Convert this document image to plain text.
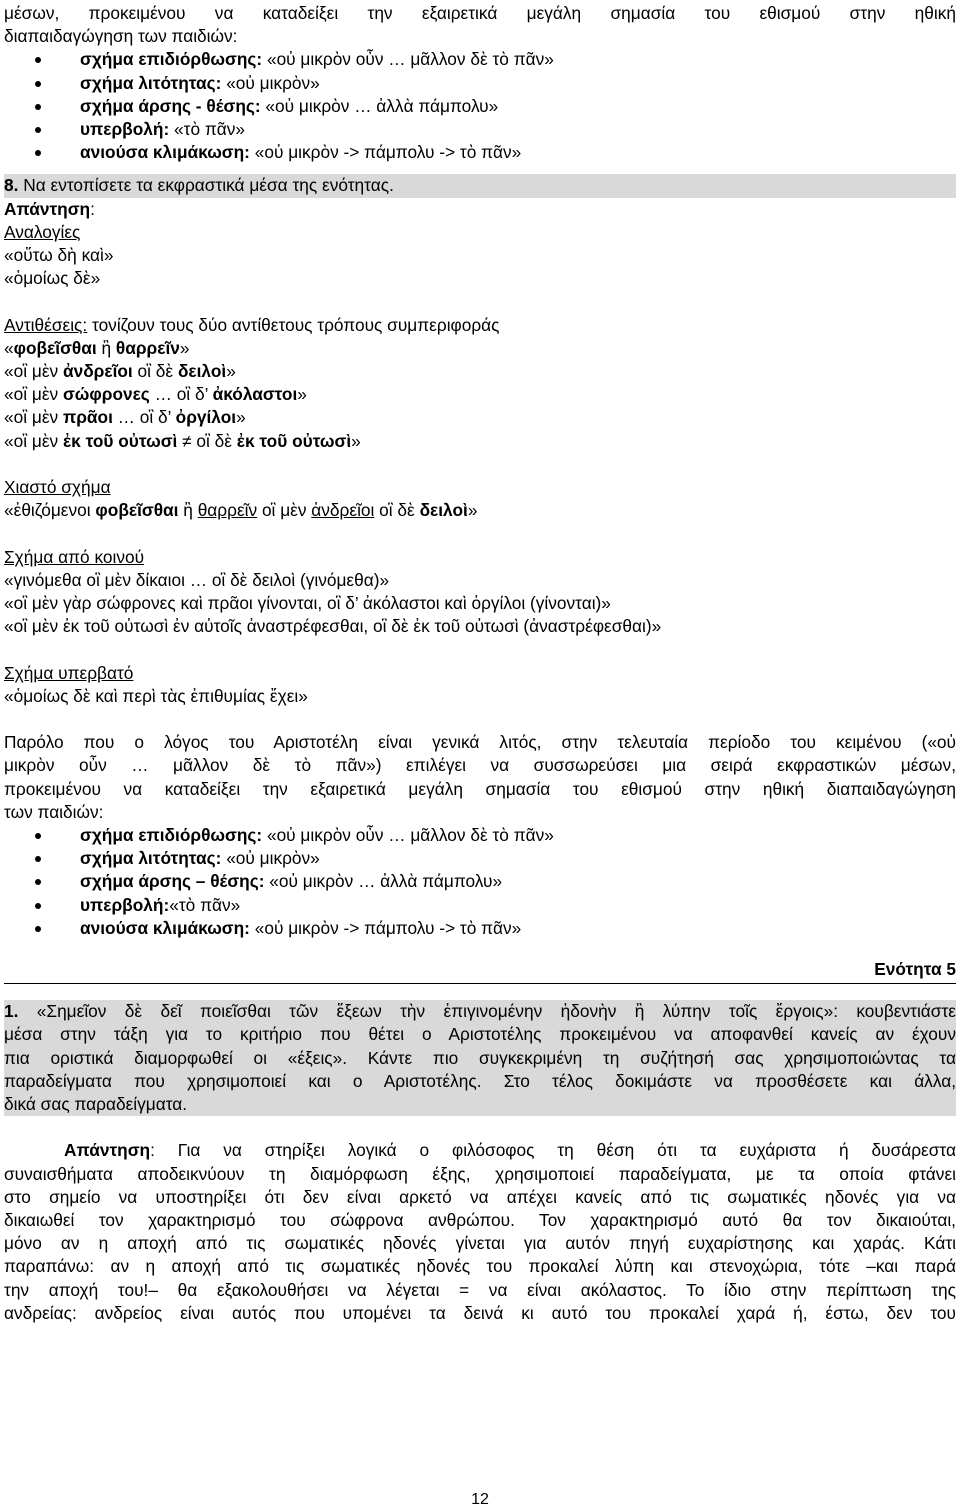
μέσων, προκειμένου να καταδείξει την εξαιρετικά μεγάλη σημασία του εθισμού στην ηθική
διαπαιδαγώγηση των παιδιών:
σχήμα επιδιόρθωσης: «οὐ μικρὸν οὖν … μᾶλλον δὲ τὸ πᾶν»
σχήμα λιτότητας: «οὐ μικρὸν»
σχήμα άρσης - θέσης: «οὐ μικρὸν … ἀλλὰ πάμπολυ»
υπερβολή: «τὸ πᾶν»
ανιούσα κλιμάκωση: «οὐ μικρὸν -> πάμπολυ -> τὸ πᾶν»
8. Να εντοπίσετε τα εκφραστικά μέσα της ενότητας.
Απάντηση:
Αναλογίες
«οὕτω δὴ καὶ»
«ὁμοίως δὲ»
Αντιθέσεις: τονίζουν τους δύο αντίθετους τρόπους συμπεριφοράς
«φοβεῖσθαι ἢ θαρρεῖν»
«οἳ μὲν ἀνδρεῖοι οἳ δὲ δειλοὶ»
«οἳ μὲν σώφρονες … οἳ δ’ ἀκόλαστοι»
«οἳ μὲν πρᾶοι … οἳ δ’ ὀργίλοι»
«οἳ μὲν ἐκ τοῦ οὐτωσὶ ≠ οἳ δὲ ἐκ τοῦ οὐτωσὶ»
Χιαστό σχήμα
«ἐθιζόμενοι φοβεῖσθαι ἢ θαρρεῖν οἳ μὲν ἀνδρεῖοι οἳ δὲ δειλοὶ»
Σχήμα από κοινού
«γινόμεθα οἳ μὲν δίκαιοι … οἳ δὲ δειλοὶ (γινόμεθα)»
«οἳ μὲν γὰρ σώφρονες καὶ πρᾶοι γίνονται, οἳ δ’ ἀκόλαστοι καὶ ὀργίλοι (γίνονται)»
«οἳ μὲν ἐκ τοῦ οὐτωσὶ ἐν αὐτοῖς ἀναστρέφεσθαι, οἳ δὲ ἐκ τοῦ οὐτωσὶ (ἀναστρέφεσθαι)»
Σχήμα υπερβατό
«ὁμοίως δὲ καὶ περὶ τὰς ἐπιθυμίας ἔχει»
Παρόλο που ο λόγος του Αριστοτέλη είναι γενικά λιτός, στην τελευταία περίοδο του κειμένου («οὐ
μικρὸν οὖν … μᾶλλον δὲ τὸ πᾶν») επιλέγει να συσσωρεύσει μια σειρά εκφραστικών μέσων,
προκειμένου να καταδείξει την εξαιρετικά μεγάλη σημασία του εθισμού στην ηθική διαπαιδαγώγηση
των παιδιών:
σχήμα επιδιόρθωσης: «οὐ μικρὸν οὖν … μᾶλλον δὲ τὸ πᾶν»
σχήμα λιτότητας: «οὐ μικρὸν»
σχήμα άρσης – θέσης: «οὐ μικρὸν … ἀλλὰ πάμπολυ»
υπερβολή:«τὸ πᾶν»
ανιούσα κλιμάκωση: «οὐ μικρὸν -> πάμπολυ -> τὸ πᾶν»
Ενότητα 5
1. «Σημεῖον δὲ δεῖ ποιεῖσθαι τῶν ἕξεων τὴν ἐπιγινομένην ἡδονὴν ἢ λύπην τοῖς ἔργοις»: κουβεντιάστε
μέσα στην τάξη για το κριτήριο που θέτει ο Αριστοτέλης προκειμένου να αποφανθεί κανείς αν έχουν
πια οριστικά διαμορφωθεί οι «έξεις». Κάντε πιο συγκεκριμένη τη συζήτησή σας χρησιμοποιώντας τα
παραδείγματα που χρησιμοποιεί και ο Αριστοτέλης. Στο τέλος δοκιμάστε να προσθέσετε και άλλα,
δικά σας παραδείγματα.
Απάντηση: Για να στηρίξει λογικά ο φιλόσοφος τη θέση ότι τα ευχάριστα ή δυσάρεστα
συναισθήματα αποδεικνύουν τη διαμόρφωση έξης, χρησιμοποιεί παραδείγματα, με τα οποία φτάνει
στο σημείο να υποστηρίξει ότι δεν είναι αρκετό να απέχει κανείς από τις σωματικές ηδονές για να
δικαιωθεί τον χαρακτηρισμό του σώφρονα ανθρώπου. Τον χαρακτηρισμό αυτό θα τον δικαιούται,
μόνο αν η αποχή από τις σωματικές ηδονές γίνεται για αυτόν πηγή ευχαρίστησης και χαράς. Κάτι
παραπάνω: αν η αποχή από τις σωματικές ηδονές του προκαλεί λύπη και στενοχώρια, τότε –και παρά
την αποχή του!– θα εξακολουθήσει να λέγεται = να είναι ακόλαστος. Το ίδιο στην περίπτωση της
ανδρείας: ανδρείος είναι αυτός που υπομένει τα δεινά κι αυτό του προκαλεί χαρά ή, έστω, δεν του
12
